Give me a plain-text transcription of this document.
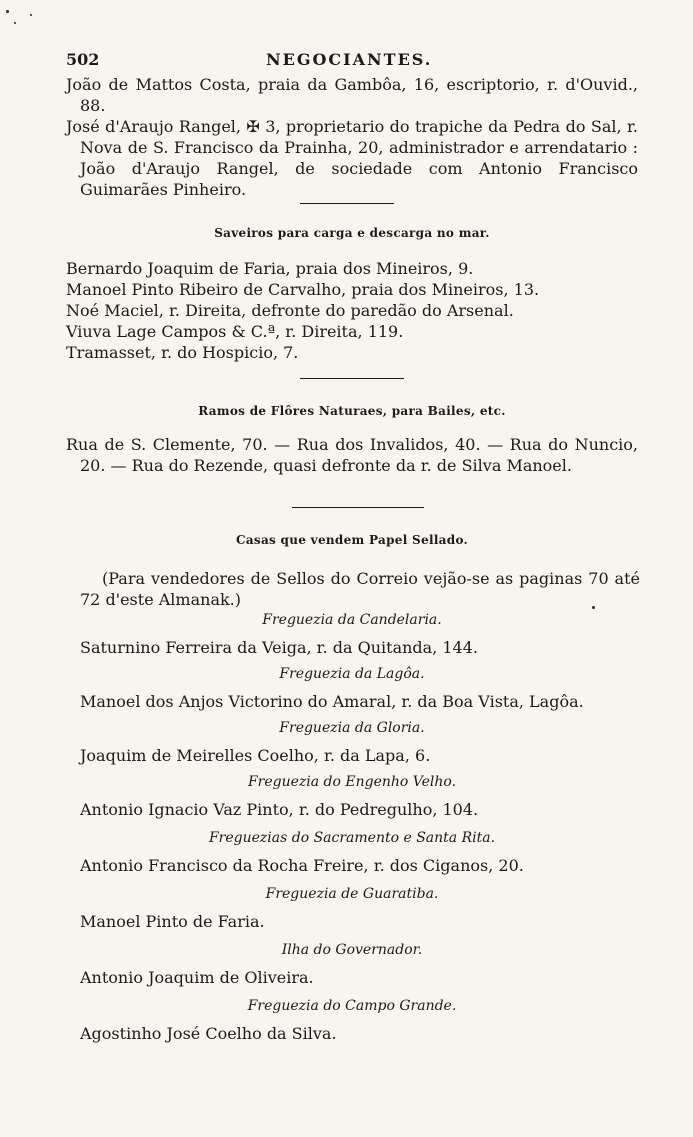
502	NEGOCIANTES.
João de Mattos Costa, praia da Gambôa, 16, escriptorio, r. d'Ouvid., 88.
José d'Araujo Rangel, ✠ 3, proprietario do trapiche da Pedra do Sal, r. Nova de S. Francisco da Prainha, 20, administrador e arrendatario : João d'Araujo Rangel, de sociedade com Antonio Francisco Guimarães Pinheiro.
Saveiros para carga e descarga no mar.
Bernardo Joaquim de Faria, praia dos Mineiros, 9.
Manoel Pinto Ribeiro de Carvalho, praia dos Mineiros, 13.
Noé Maciel, r. Direita, defronte do paredão do Arsenal.
Viuva Lage Campos & C.ª, r. Direita, 119.
Tramasset, r. do Hospicio, 7.
Ramos de Flôres Naturaes, para Bailes, etc.
Rua de S. Clemente, 70. — Rua dos Invalidos, 40. — Rua do Nuncio, 20. — Rua do Rezende, quasi defronte da r. de Silva Manoel.
Casas que vendem Papel Sellado.
(Para vendedores de Sellos do Correio vejão-se as paginas 70 até 72 d'este Almanak.)
Freguezia da Candelaria.
Saturnino Ferreira da Veiga, r. da Quitanda, 144.
Freguezia da Lagôa.
Manoel dos Anjos Victorino do Amaral, r. da Boa Vista, Lagôa.
Freguezia da Gloria.
Joaquim de Meirelles Coelho, r. da Lapa, 6.
Freguezia do Engenho Velho.
Antonio Ignacio Vaz Pinto, r. do Pedregulho, 104.
Freguezias do Sacramento e Santa Rita.
Antonio Francisco da Rocha Freire, r. dos Ciganos, 20.
Freguezia de Guaratiba.
Manoel Pinto de Faria.
Ilha do Governador.
Antonio Joaquim de Oliveira.
Freguezia do Campo Grande.
Agostinho José Coelho da Silva.
